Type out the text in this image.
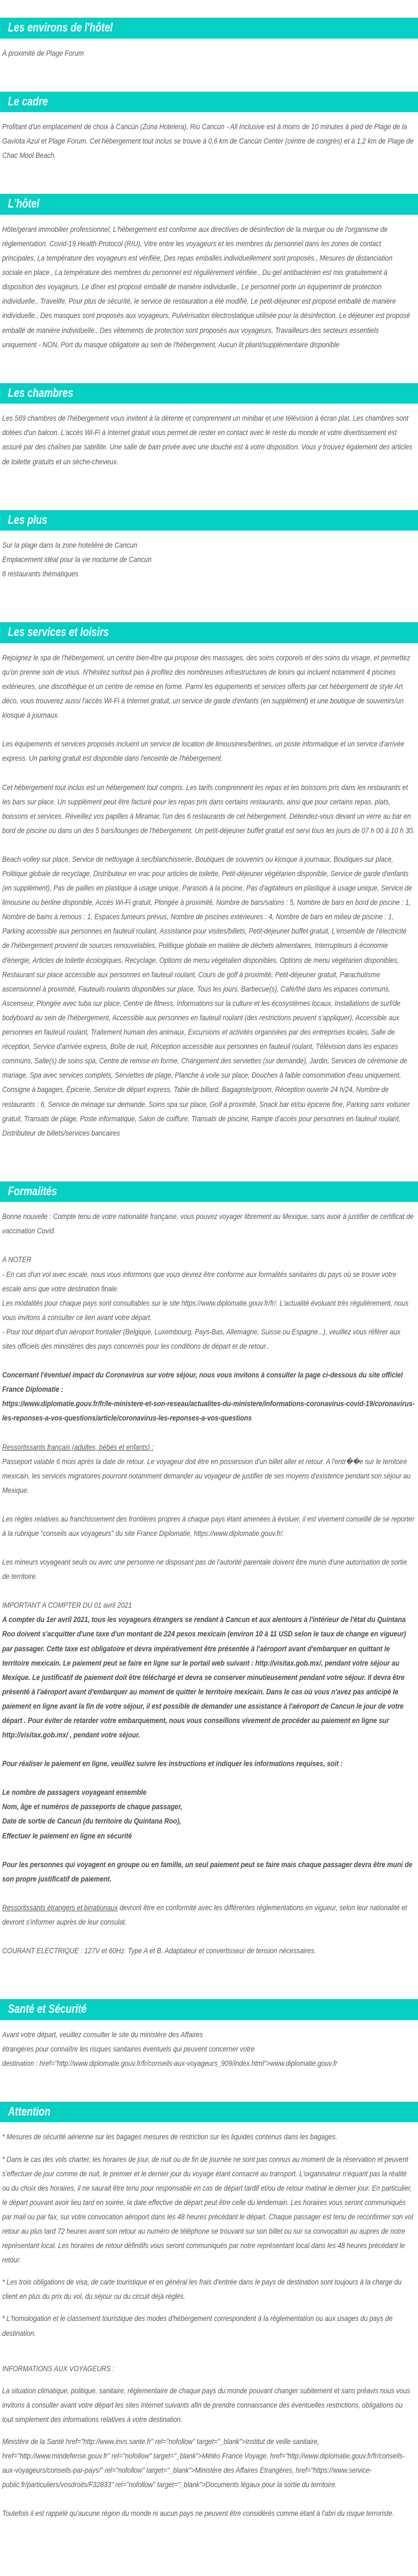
Les environs de l'hôtel

À proximité de Plage Forum

Le cadre

Profitant d'un emplacement de choix à Cancún (Zona Hotelera), Riu Cancun - All Inclusive est à moins de 10 minutes à pied de Plage de la Gaviota Azul et Plage Forum. Cet hébergement tout inclus se trouve à 0,6 km de Cancún Center (centre de congrès) et à 1,2 km de Plage de Chac Mool Beach.

L'hôtel

Hôte/gérant immobilier professionnel, L'hébergement est conforme aux directives de désinfection de la marque ou de l'organisme de réglementation. Covid-19 Health Protocol (RIU), Vitre entre les voyageurs et les membres du personnel dans les zones de contact principales, La température des voyageurs est vérifiée, Des repas emballés individuellement sont proposés., Mesures de distanciation sociale en place., La température des membres du personnel est régulièrement vérifiée., Du gel antibactérien est mis gratuitement à disposition des voyageurs, Le dîner est proposé emballé de manière individuelle., Le personnel porte un équipement de protection individuelle., Travelife, Pour plus de sécurité, le service de restauration a été modifié, Le petit-déjeuner est proposé emballé de manière individuelle., Des masques sont proposés aux voyageurs, Pulvérisation électrostatique utilisée pour la désinfection, Le déjeuner est proposé emballé de manière individuelle., Des vêtements de protection sont proposés aux voyageurs, Travailleurs des secteurs essentiels uniquement - NON, Port du masque obligatoire au sein de l'hébergement, Aucun lit pliant/supplémentaire disponible

Les chambres

Les 569 chambres de l'hébergement vous invitent à la détente et comprennent un minibar et une télévision à écran plat. Les chambres sont dotées d'un balcon. L'accès Wi-Fi à Internet gratuit vous permet de rester en contact avec le reste du monde et votre divertissement est assuré par des chaînes par satellite. Une salle de bain privée avec une douche est à votre disposition. Vous y trouvez également des articles de toilette gratuits et un sèche-cheveux.

Les plus

Sur la plage dans la zone hotelière de Cancun

Emplacement idéal pour la vie nocturne de Cancun

6 restaurants thématiques

Les services et loisirs

Rejoignez le spa de l'hébergement, un centre bien-être qui propose des massages, des soins corporels et des soins du visage, et permettez qu'on prenne soin de vous. N'hésitez surtout pas à profitez des nombreuses infrastructures de loisirs qui incluent notamment 4 piscines extérieures, une discothèque et un centre de remise en forme. Parmi les équipements et services offerts par cet hébergement de style Art déco, vous trouverez aussi l'accès Wi-Fi à Internet gratuit, un service de garde d'enfants (en supplément) et une boutique de souvenirs/un kiosque à journaux.

Les équipements et services proposés incluent un service de location de limousines/berlines, un poste informatique et un service d'arrivée express. Un parking gratuit est disponible dans l'enceinte de l'hébergement.

Cet hébergement tout inclus est un hébergement tout compris. Les tarifs comprennent les repas et les boissons pris dans les restaurants et les bars sur place. Un supplément peut être facturé pour les repas pris dans certains restaurants, ainsi que pour certains repas, plats, boissons et services. Réveillez vos papilles à Miramar, l'un des 6 restaurants de cet hébergement. Détendez-vous devant un verre au bar en bord de piscine ou dans un des 5 bars/lounges de l'hébergement. Un petit-déjeuner buffet gratuit est servi tous les jours de 07 h 00 à 10 h 30.

Beach-volley sur place, Service de nettoyage à sec/blanchisserie, Boutiques de souvenirs ou kiosque à journaux, Boutiques sur place, Politique globale de recyclage, Distributeur en vrac pour articles de toilette, Petit-déjeuner végétarien disponible, Service de garde d'enfants (en supplément), Pas de pailles en plastique à usage unique, Parasols à la piscine, Pas d'agitateurs en plastique à usage unique, Service de limousine ou berline disponible, Accès Wi-Fi gratuit, Plongée à proximité, Nombre de bars/salons : 5, Nombre de bars en bord de piscine : 1, Nombre de bains à remous : 1, Espaces fumeurs prévus, Nombre de piscines extérieures : 4, Nombre de bars en milieu de piscine : 1, Parking accessible aux personnes en fauteuil roulant, Assistance pour visites/billets, Petit-déjeuner buffet gratuit, L'ensemble de l'électricité de l'hébergement provient de sources renouvelables, Politique globale en matière de déchets alimentaires, Interrupteurs à économie d'énergie, Articles de toilette écologiques, Recyclage, Options de menu végétalien disponibles, Options de menu végétarien disponibles, Restaurant sur place accessible aux personnes en fauteuil roulant, Cours de golf à proximité, Petit-déjeuner gratuit, Parachutisme ascensionnel à proximité, Fauteuils roulants disponibles sur place, Tous les jours, Barbecue(s), Café/thé dans les espaces communs, Ascenseur, Plongée avec tuba sur place, Centre de fitness, Informations sur la culture et les écosystèmes locaux, Installations de surf/de bodyboard au sein de l'hébergement, Accessible aux personnes en fauteuil roulant (des restrictions peuvent s'appliquer), Accessible aux personnes en fauteuil roulant, Traitement humain des animaux, Excursions et activités organisées par des entreprises locales, Salle de réception, Service d'arrivée express, Boîte de nuit, Réception accessible aux personnes en fauteuil roulant, Télévision dans les espaces communs, Salle(s) de soins spa, Centre de remise en forme, Changement des serviettes (sur demande), Jardin, Services de cérémonie de mariage, Spa avec services complets, Serviettes de plage, Planche à voile sur place, Douches à faible consommation d'eau uniquement, Consigne à bagages, Épicerie, Service de départ express, Table de billard, Bagagiste/groom, Réception ouverte 24 h/24, Nombre de restaurants : 6, Service de ménage sur demande, Soins spa sur place, Golf à proximité, Snack bar et/ou épicerie fine, Parking sans voiturier gratuit, Transats de plage, Poste informatique, Salon de coiffure, Transats de piscine, Rampe d'accès pour personnes en fauteuil roulant, Distributeur de billets/services bancaires

Formalités

Bonne nouvelle : Compte tenu de votre nationalité française, vous pouvez voyager librement au Mexique, sans avoir à justifier de certificat de vaccination Covid.

A NOTER

- En cas d'un vol avec escale, nous vous informons que vous devrez être conforme aux formalités sanitaires du pays où se trouve votre escale ainsi que votre destination finale.

Les modalités pour chaque pays sont consultables sur le site https://www.diplomatie.gouv.fr/fr/. L'actualité évoluant très régulièrement, nous vous invitons à consulter ce lien avant votre départ.

- Pour tout départ d'un aéroport frontalier (Belgique, Luxembourg, Pays-Bas, Allemagne, Suisse ou Espagne...), veuillez vous référer aux sites officiels des ministères des pays concernés pour les conditions de départ et de retour..

Concernant l'éventuel impact du Coronavirus sur votre séjour, nous vous invitons à consulter la page ci-dessous du site officiel France Diplomatie :

https://www.diplomatie.gouv.fr/fr/le-ministere-et-son-reseau/actualites-du-ministere/informations-coronavirus-covid-19/coronavirus-les-reponses-a-vos-questions/article/coronavirus-les-reponses-a-vos-questions

Ressortissants français (adultes, bébés et enfants) :

Passeport valable 6 mois après la date de retour. Le voyageur doit être en possession d'un billet aller et retour. A l'entr��e sur le territoire mexicain, les services migratoires pourront notamment demander au voyageur de justifier de ses moyens d'existence pendant son séjour au Mexique.

Les règles relatives au franchissement des frontières propres à chaque pays étant amenées à évoluer, il est vivement conseillé de se reporter à la rubrique "conseils aux voyageurs" du site France Diplomatie, https://www.diplomatie.gouv.fr/.

Les mineurs voyageant seuls ou avec une personne ne disposant pas de l'autorité parentale doivent être munis d'une autorisation de sortie de territoire.

IMPORTANT A COMPTER DU 01 avril 2021

A compter du 1er avril 2021, tous les voyageurs étrangers se rendant à Cancun et aux alentours à l'intérieur de l'état du Quintana Roo doivent s'acquitter d'une taxe d'un montant de 224 pesos mexicain (environ 10 à 11 USD selon le taux de change en vigueur) par passager. Cette taxe est obligatoire et devra impérativement être présentée à l'aéroport avant d'embarquer en quittant le territoire mexicain. Le paiement peut se faire en ligne sur le portail web suivant : http://visitax.gob.mx/, pendant votre séjour au Mexique. Le justificatif de paiement doit être téléchargé et devra se conserver minutieusement pendant votre séjour. Il devra être présenté à l'aéroport avant d'embarquer au moment de quitter le territoire mexicain. Dans le cas où vous n'avez pas anticipé le paiement en ligne avant la fin de votre séjour, il est possible de demander une assistance à l'aéroport de Cancun le jour de votre départ . Pour éviter de retarder votre embarquement, nous vous conseillons vivement de procéder au paiement en ligne sur http://visitax.gob.mx/ , pendant votre séjour.

Pour réaliser le paiement en ligne, veuillez suivre les instructions et indiquer les informations requises, soit :

Le nombre de passagers voyageant ensemble

Nom, âge et numéros de passeports de chaque passager,

Date de sortie de Cancun (du territoire du Quintana Roo),

Effectuer le paiement en ligne en sécurité

Pour les personnes qui voyagent en groupe ou en famille, un seul paiement peut se faire mais chaque passager devra être muni de son propre justificatif de paiement.

Ressortissants étrangers et binationaux devront être en conformité avec les différentes réglementations en vigueur, selon leur nationalité et devront s'informer auprès de leur consulat.

COURANT ELECTRIQUE : 127V et 60Hz. Type A et B. Adaptateur et convertisseur de tension nécessaires.

Santé et Sécurité

Avant votre départ, veuillez consulter le site du ministère des Affaires

étrangères pour connaître les risques sanitaires éventuels qui peuvent concerner votre

destination : href="http://www.diplomatie.gouv.fr/fr/conseils-aux-voyageurs_909/index.html">www.diplomatie.gouv.fr

Attention

* Mesures de sécurité aérienne sur les bagages mesures de restriction sur les liquides contenus dans les bagages.

* Dans le cas des vols charter, les horaires de jour, de nuit ou de fin de journée ne sont pas connus au moment de la réservation et peuvent s'effectuer de jour comme de nuit, le premier et le dernier jour du voyage étant consacré au transport. L'organisateur n'équant pas la réalité ou du choix des horaires, il ne saurait être tenu pour responsable en cas de départ tardif et/ou de retour matinal le dernier jour. En particulier, le départ pouvant avoir lieu tard en soirée, la date effective de départ peut être celle du lendemain. Les horaires vous seront communiqués par mail ou par fax, sur votre convocation aéroport dans les 48 heures précédant le départ. Chaque passager est tenu de reconfirmer son vol retour au plus tard 72 heures avant son retour au numéro de téléphone se trouvant sur son billet ou sur sa convocation au aupres de notre représentant local. Les horaires de retour définitifs vous seront communiqués par notre représentant local dans les 48 heures précédant le retour.

* Les trois obligations de visa, de carte touristique et en général les frais d'entrée dans le pays de destination sont toujours à la charge du client en plus du prix du vol, du séjour ou du circuit déjà réglés.

* L'homologation et le classement touristique des modes d'hébergement correspondent à la réglementation ou aux usages du pays de destination.

INFORMATIONS AUX VOYAGEURS :

La situation climatique, politique, sanitaire, réglementaire de chaque pays du monde pouvant changer subitement et sans préavis nous vous invitons à consulter avant votre départ les sites Internet suivants afin de prendre connaissance des éventuelles restrictions, obligations ou tout simplement des informations relatives à votre destination.

Ministère de la Santé href="http://www.invs.sante.fr" rel="nofollow" target="_blank">Institut de veille sanitaire, href="http://www.mindefense.gouv.fr" rel="nofollow" target="_blank">Météo France Voyage, href="http://www.diplomatie.gouv.fr/fr/conseils-aux-voyageurs/conseils-par-pays/" rel="nofollow" target="_blank">Ministère des Affaires Etrangères, href="https://www.service-public.fr/particuliers/vosdroits/F32833" rel="nofollow" target="_blank">Documents légaux pour la sortie du territoire.

Toutefois il est rappelé qu'aucune région du monde ni aucun pays ne peuvent être considérés comme étant à l'abri du risque terroriste.
